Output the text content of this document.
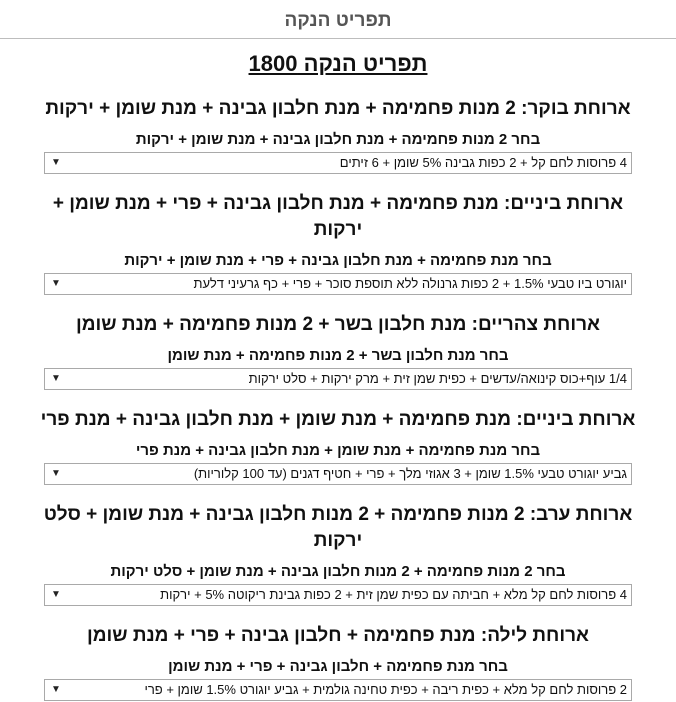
תפריט הנקה
תפריט הנקה 1800
ארוחת בוקר: 2 מנות פחמימה + מנת חלבון גבינה + מנת שומן + ירקות
בחר 2 מנות פחמימה + מנת חלבון גבינה + מנת שומן + ירקות
4 פרוסות לחם קל + 2 כפות גבינה 5% שומן + 6 זיתים
▼
ארוחת ביניים: מנת פחמימה + מנת חלבון גבינה + פרי + מנת שומן + ירקות
בחר מנת פחמימה + מנת חלבון גבינה + פרי + מנת שומן + ירקות
יוגורט ביו טבעי 1.5% + 2 כפות גרנולה ללא תוספת סוכר + פרי + כף גרעיני דלעת
▼
ארוחת צהריים: מנת חלבון בשר + 2 מנות פחמימה + מנת שומן
בחר מנת חלבון בשר + 2 מנות פחמימה + מנת שומן
1/4 עוף+כוס קינואה/עדשים + כפית שמן זית + מרק ירקות + סלט ירקות
▼
ארוחת ביניים: מנת פחמימה + מנת שומן + מנת חלבון גבינה + מנת פרי
בחר מנת פחמימה + מנת שומן + מנת חלבון גבינה + מנת פרי
גביע יוגורט טבעי 1.5% שומן + 3 אגוזי מלך + פרי + חטיף דגנים (עד 100 קלוריות)
▼
ארוחת ערב: 2 מנות פחמימה + 2 מנות חלבון גבינה + מנת שומן + סלט ירקות
בחר 2 מנות פחמימה + 2 מנות חלבון גבינה + מנת שומן + סלט ירקות
4 פרוסות לחם קל מלא + חביתה עם כפית שמן זית + 2 כפות גבינת ריקוטה 5% + ירקות
▼
ארוחת לילה: מנת פחמימה + חלבון גבינה + פרי + מנת שומן
בחר מנת פחמימה + חלבון גבינה + פרי + מנת שומן
2 פרוסות לחם קל מלא + כפית ריבה + כפית טחינה גולמית + גביע יוגורט 1.5% שומן + פרי
▼
